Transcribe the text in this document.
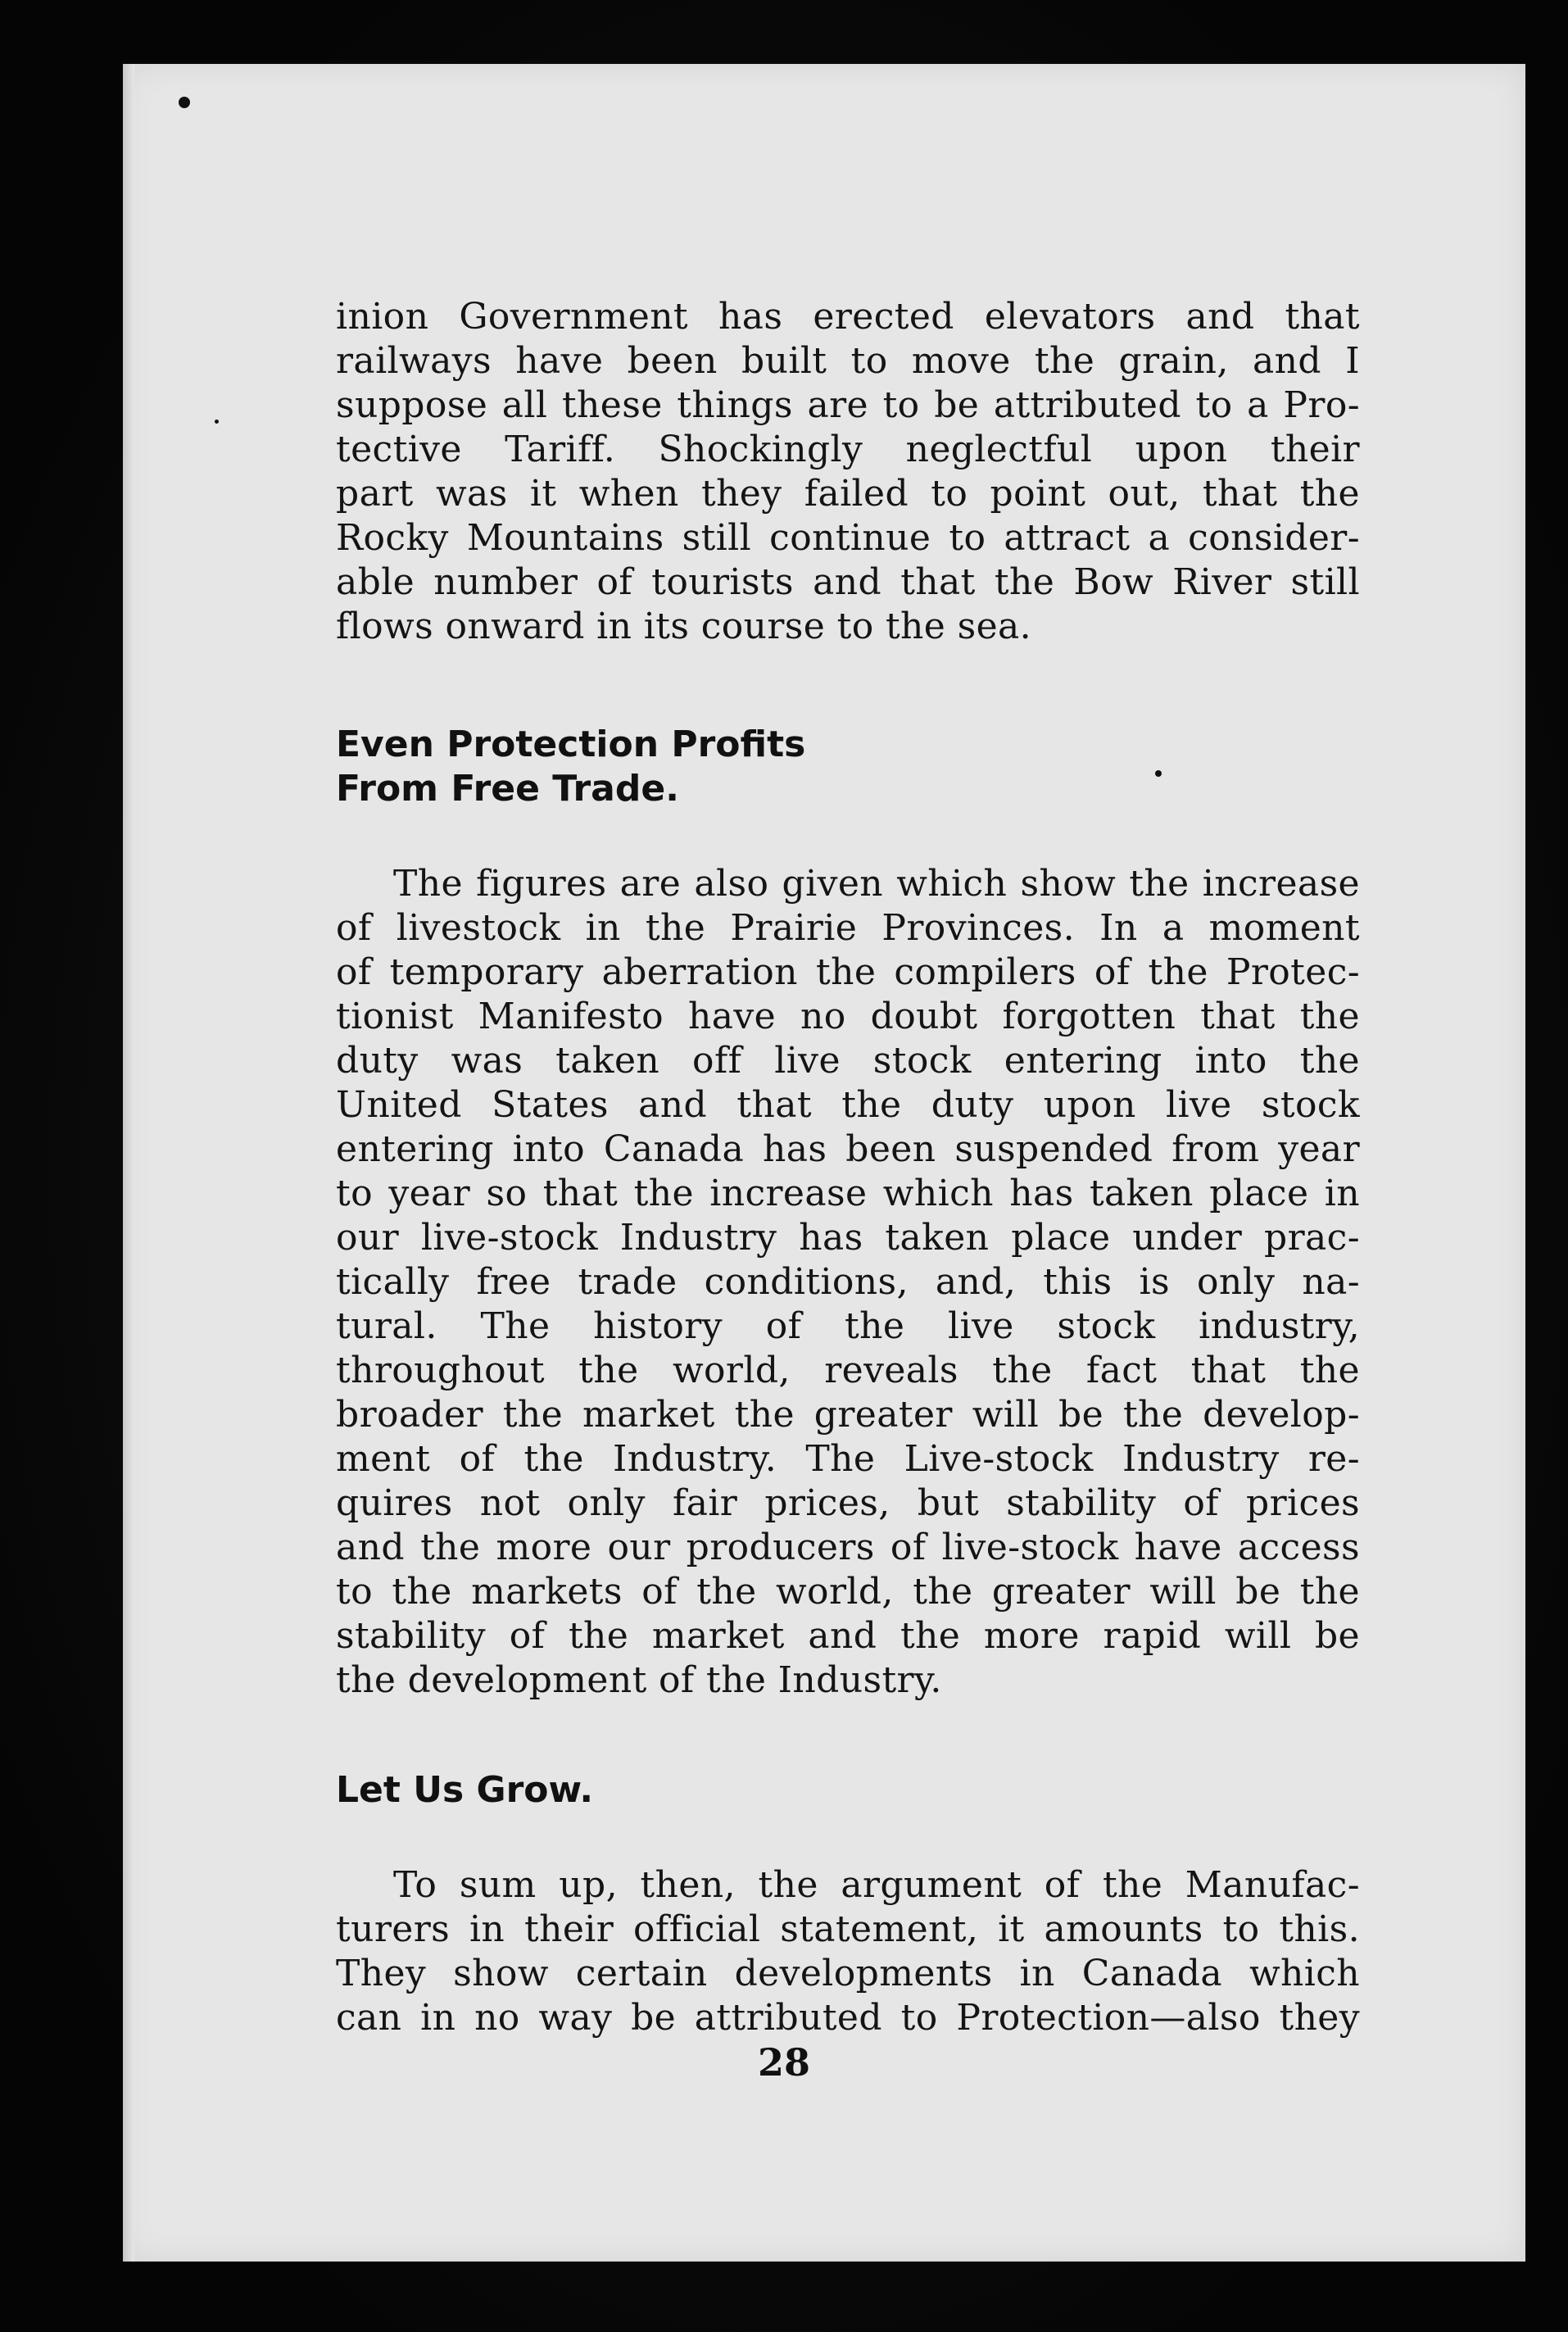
inion Government has erected elevators and that
railways have been built to move the grain, and I
suppose all these things are to be attributed to a Pro-
tective Tariff. Shockingly neglectful upon their
part was it when they failed to point out, that the
Rocky Mountains still continue to attract a consider-
able number of tourists and that the Bow River still
flows onward in its course to the sea.

Even Protection Profits

From Free Trade.

The figures are also given which show the increase
of livestock in the Prairie Provinces. In a moment
of temporary aberration the compilers of the Protec-
tionist Manifesto have no doubt forgotten that the
duty was taken off live stock entering into the
United States and that the duty upon live stock
entering into Canada has been suspended from year
to year so that the increase which has taken place in
our live-stock Industry has taken place under prac-
tically free trade conditions, and, this is only na-
tural. The history of the live stock industry,
throughout the world, reveals the fact that the
broader the market the greater will be the develop-
ment of the Industry. The Live-stock Industry re-
quires not only fair prices, but stability of prices
and the more our producers of live-stock have access
to the markets of the world, the greater will be the
stability of the market and the more rapid will be
the development of the Industry.

Let Us Grow.

To sum up, then, the argument of the Manufac-
turers in their official statement, it amounts to this.
They show certain developments in Canada which
can in no way be attributed to Protection—also they

28
